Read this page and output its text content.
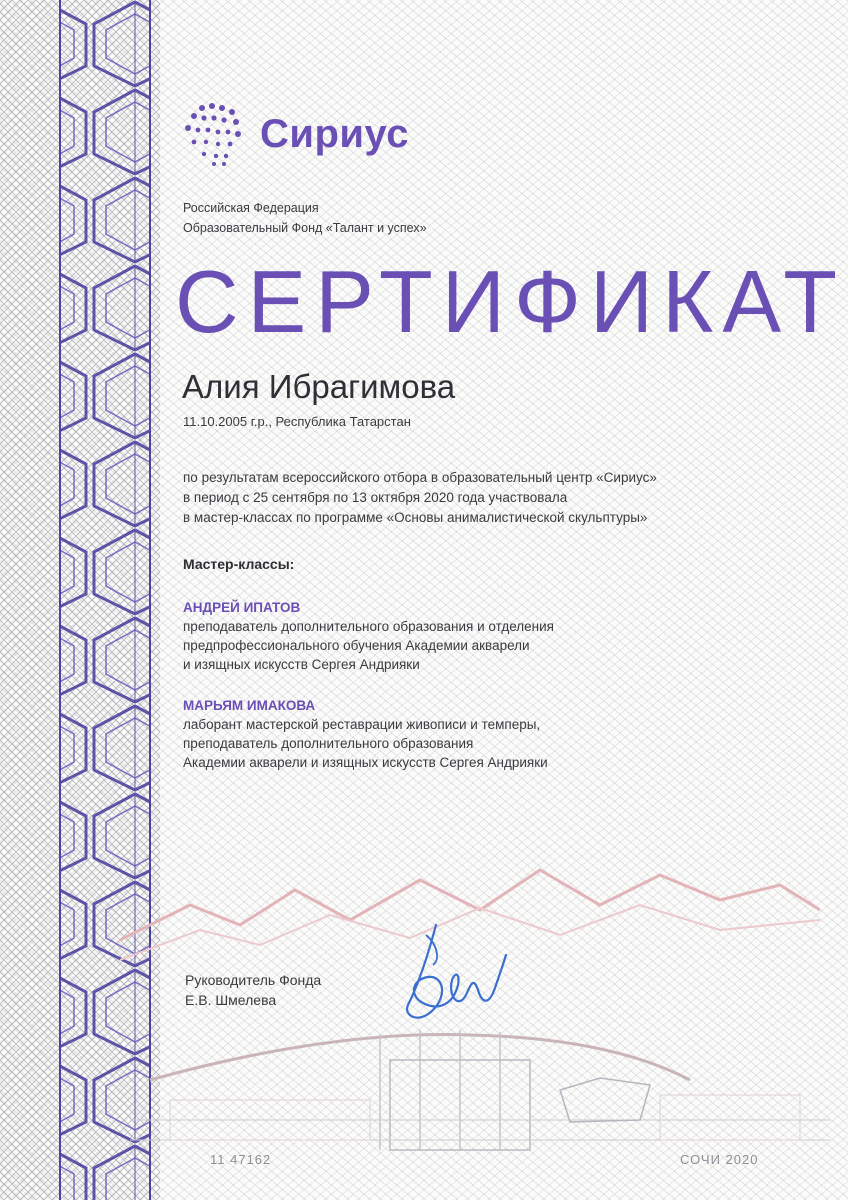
Сириус
Российская Федерация
Образовательный Фонд «Талант и успех»
СЕРТИФИКАТ
Алия Ибрагимова
11.10.2005 г.р., Республика Татарстан
по результатам всероссийского отбора в образовательный центр «Сириус»
в период с 25 сентября по 13 октября 2020 года участвовала
в мастер-классах по программе «Основы анималистической скульптуры»
Мастер-классы:
АНДРЕЙ ИПАТОВ
преподаватель дополнительного образования и отделения
предпрофессионального обучения Академии акварели
и изящных искусств Сергея Андрияки
МАРЬЯМ ИМАКОВА
лаборант мастерской реставрации живописи и темперы,
преподаватель дополнительного образования
Академии акварели и изящных искусств Сергея Андрияки
Руководитель Фонда
Е.В. Шмелева
11 47162	СОЧИ 2020
